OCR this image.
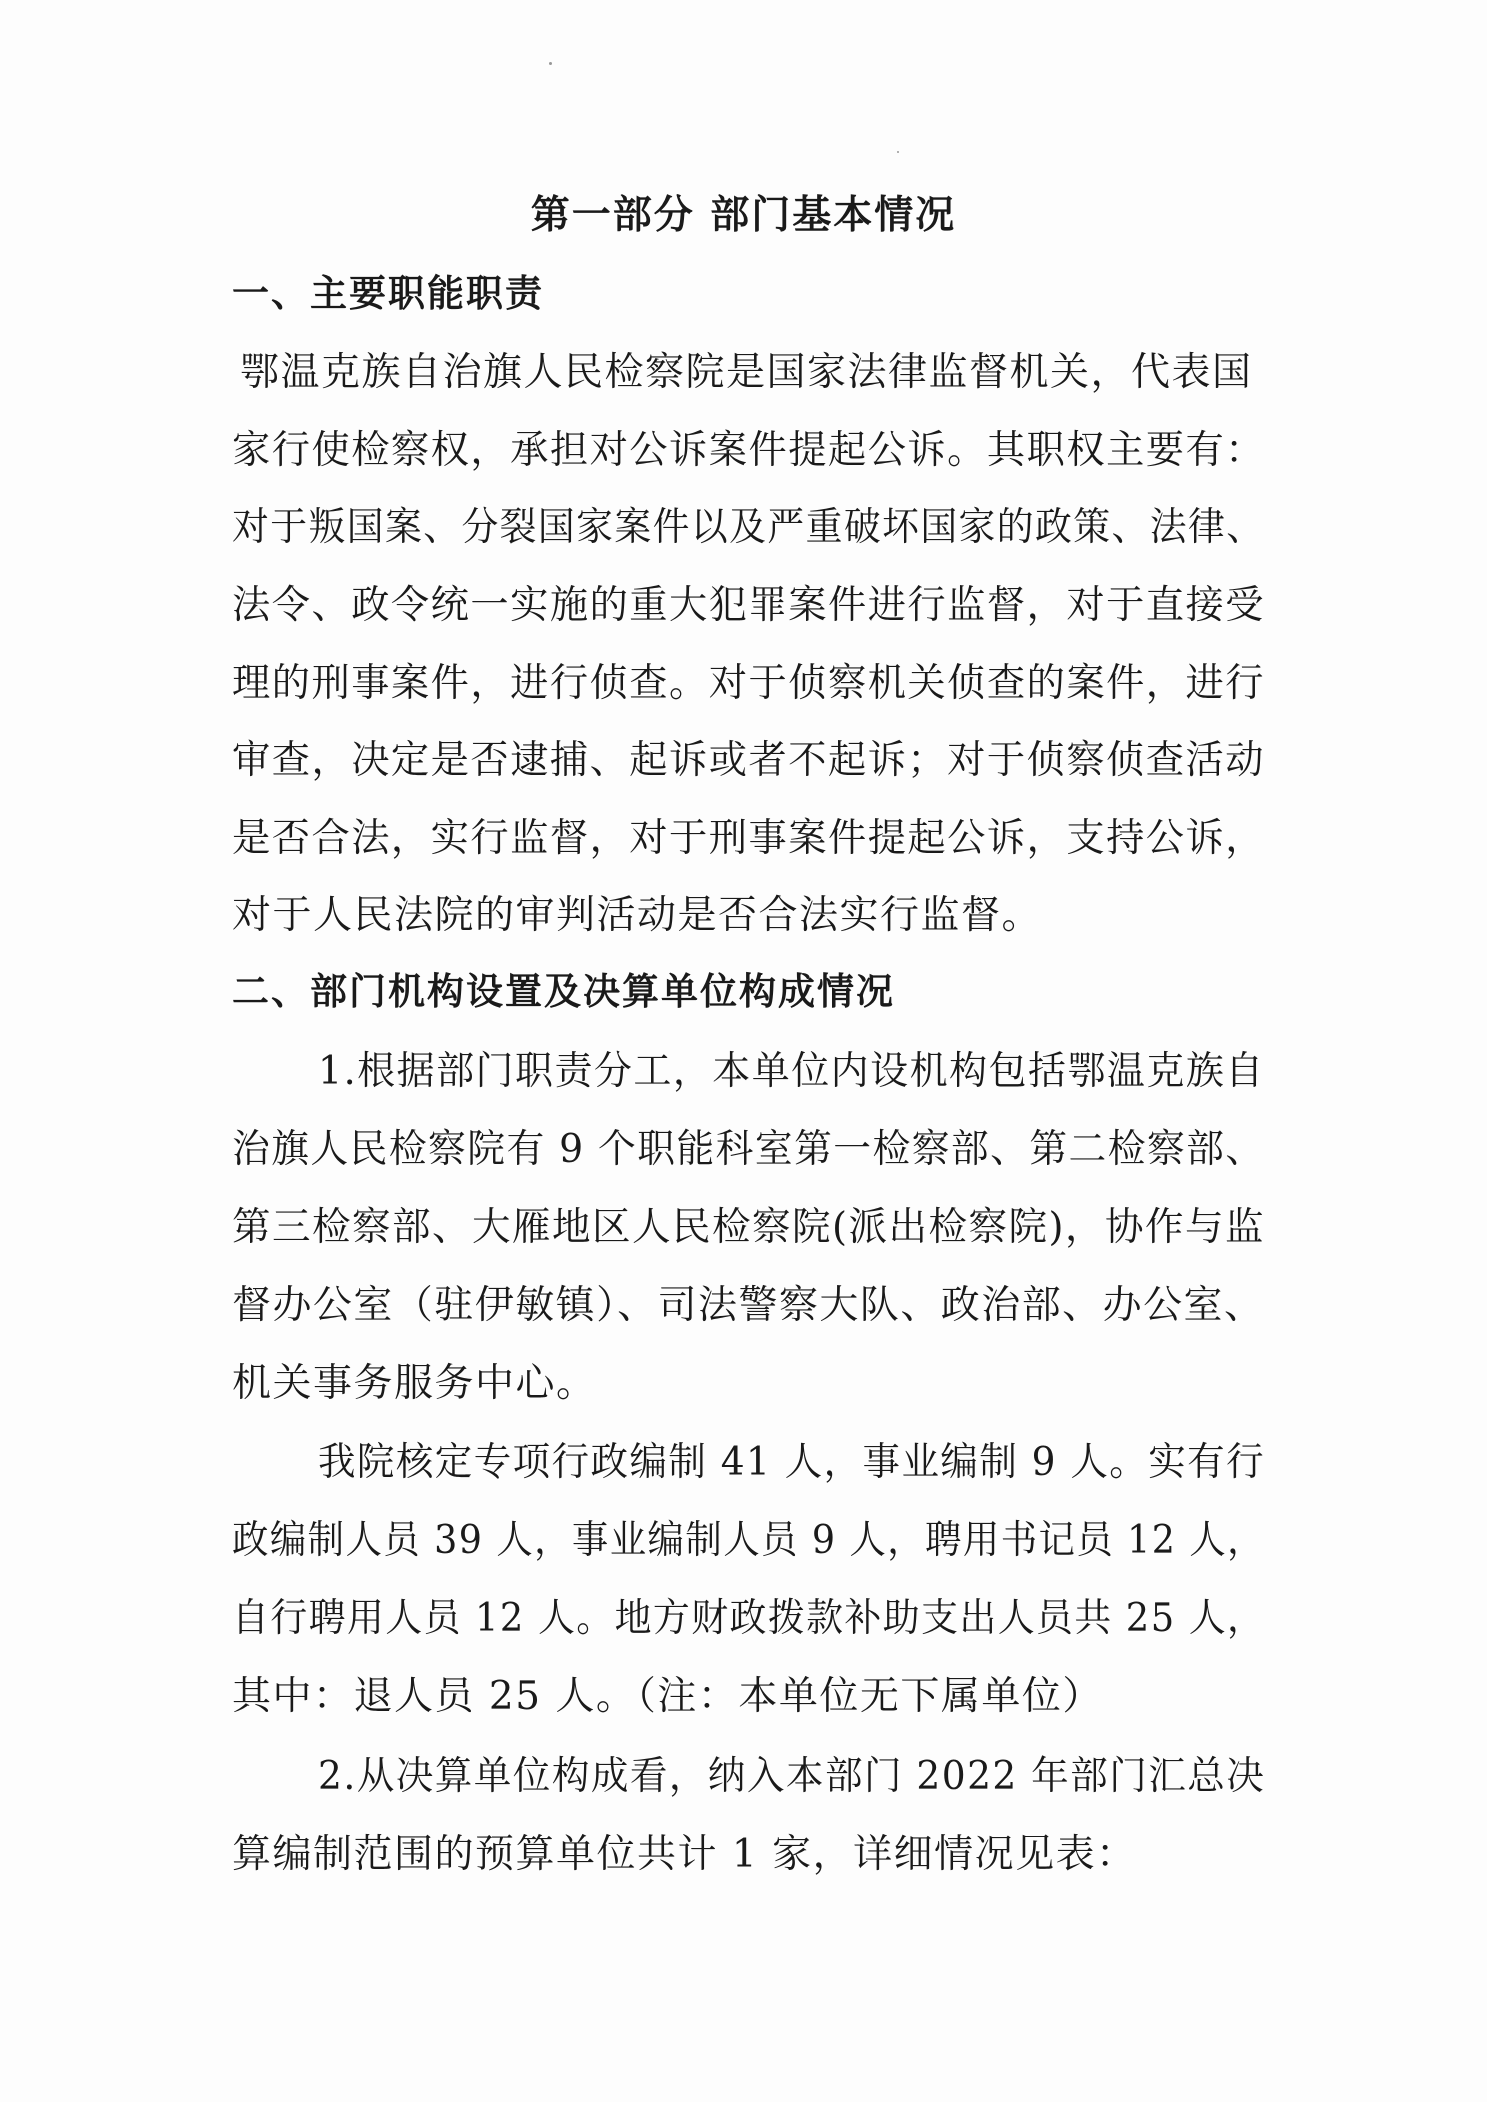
第一部分 部门基本情况
一、主要职能职责
鄂温克族自治旗人民检察院是国家法律监督机关，代表国
家行使检察权，承担对公诉案件提起公诉。其职权主要有：
对于叛国案、分裂国家案件以及严重破坏国家的政策、法律、
法令、政令统一实施的重大犯罪案件进行监督，对于直接受
理的刑事案件，进行侦查。对于侦察机关侦查的案件，进行
审查，决定是否逮捕、起诉或者不起诉；对于侦察侦查活动
是否合法，实行监督，对于刑事案件提起公诉，支持公诉，
对于人民法院的审判活动是否合法实行监督。
二、部门机构设置及决算单位构成情况
1.根据部门职责分工，本单位内设机构包括鄂温克族自
治旗人民检察院有 9 个职能科室第一检察部、第二检察部、
第三检察部、大雁地区人民检察院(派出检察院)，协作与监
督办公室（驻伊敏镇）、司法警察大队、政治部、办公室、
机关事务服务中心。
我院核定专项行政编制 41 人，事业编制 9 人。实有行
政编制人员 39 人，事业编制人员 9 人，聘用书记员 12 人，
自行聘用人员 12 人。地方财政拨款补助支出人员共 25 人，
其中：退人员 25 人。（注：本单位无下属单位）
2.从决算单位构成看，纳入本部门 2022 年部门汇总决
算编制范围的预算单位共计 1 家，详细情况见表：
